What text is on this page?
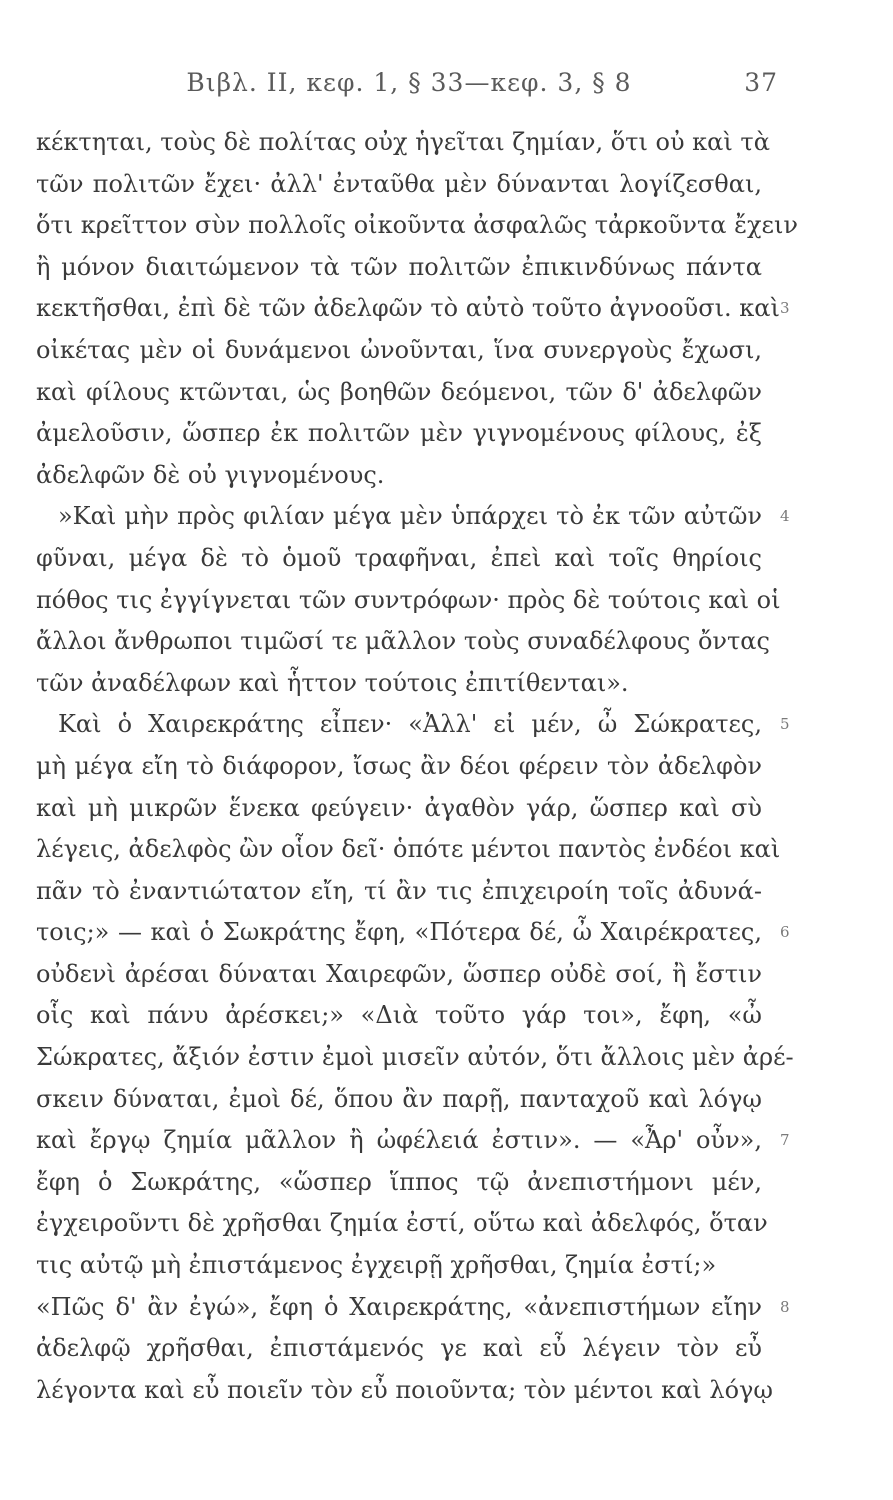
Βιβλ. II, κεφ. 1, § 33—κεφ. 3, § 8	37
κέκτηται, τοὺς δὲ πολίτας οὐχ ἡγεῖται ζημίαν, ὅτι οὐ καὶ τὰ
τῶν πολιτῶν ἔχει· ἀλλ' ἐνταῦθα μὲν δύνανται λογίζεσθαι,
ὅτι κρεῖττον σὺν πολλοῖς οἰκοῦντα ἀσφαλῶς τἀρκοῦντα ἔχειν
ἢ μόνον διαιτώμενον τὰ τῶν πολιτῶν ἐπικινδύνως πάντα
κεκτῆσθαι, ἐπὶ δὲ τῶν ἀδελφῶν τὸ αὐτὸ τοῦτο ἀγνοοῦσι. καὶ 3
οἰκέτας μὲν οἱ δυνάμενοι ὠνοῦνται, ἵνα συνεργοὺς ἔχωσι,
καὶ φίλους κτῶνται, ὡς βοηθῶν δεόμενοι, τῶν δ' ἀδελφῶν
ἀμελοῦσιν, ὥσπερ ἐκ πολιτῶν μὲν γιγνομένους φίλους, ἐξ
ἀδελφῶν δὲ οὐ γιγνομένους.
»Καὶ μὴν πρὸς φιλίαν μέγα μὲν ὑπάρχει τὸ ἐκ τῶν αὐτῶν 4
φῦναι, μέγα δὲ τὸ ὁμοῦ τραφῆναι, ἐπεὶ καὶ τοῖς θηρίοις
πόθος τις ἐγγίγνεται τῶν συντρόφων· πρὸς δὲ τούτοις καὶ οἱ
ἄλλοι ἄνθρωποι τιμῶσί τε μᾶλλον τοὺς συναδέλφους ὄντας
τῶν ἀναδέλφων καὶ ἧττον τούτοις ἐπιτίθενται».
Καὶ ὁ Χαιρεκράτης εἶπεν· «Ἀλλ' εἰ μέν, ὦ Σώκρατες, 5
μὴ μέγα εἴη τὸ διάφορον, ἴσως ἂν δέοι φέρειν τὸν ἀδελφὸν
καὶ μὴ μικρῶν ἕνεκα φεύγειν· ἀγαθὸν γάρ, ὥσπερ καὶ σὺ
λέγεις, ἀδελφὸς ὢν οἷον δεῖ· ὁπότε μέντοι παντὸς ἐνδέοι καὶ
πᾶν τὸ ἐναντιώτατον εἴη, τί ἂν τις ἐπιχειροίη τοῖς ἀδυνά-
τοις;» — καὶ ὁ Σωκράτης ἔφη, «Πότερα δέ, ὦ Χαιρέκρατες, 6
οὐδενὶ ἀρέσαι δύναται Χαιρεφῶν, ὥσπερ οὐδὲ σοί, ἢ ἔστιν
οἷς καὶ πάνυ ἀρέσκει;» «Διὰ τοῦτο γάρ τοι», ἔφη, «ὦ
Σώκρατες, ἄξιόν ἐστιν ἐμοὶ μισεῖν αὐτόν, ὅτι ἄλλοις μὲν ἀρέ-
σκειν δύναται, ἐμοὶ δέ, ὅπου ἂν παρῇ, πανταχοῦ καὶ λόγῳ
καὶ ἔργῳ ζημία μᾶλλον ἢ ὠφέλειά ἐστιν». — «Ἆρ' οὖν», 7
ἔφη ὁ Σωκράτης, «ὥσπερ ἵππος τῷ ἀνεπιστήμονι μέν,
ἐγχειροῦντι δὲ χρῆσθαι ζημία ἐστί, οὕτω καὶ ἀδελφός, ὅταν
τις αὐτῷ μὴ ἐπιστάμενος ἐγχειρῇ χρῆσθαι, ζημία ἐστί;»
«Πῶς δ' ἂν ἐγώ», ἔφη ὁ Χαιρεκράτης, «ἀνεπιστήμων εἴην 8
ἀδελφῷ χρῆσθαι, ἐπιστάμενός γε καὶ εὖ λέγειν τὸν εὖ
λέγοντα καὶ εὖ ποιεῖν τὸν εὖ ποιοῦντα; τὸν μέντοι καὶ λόγῳ
